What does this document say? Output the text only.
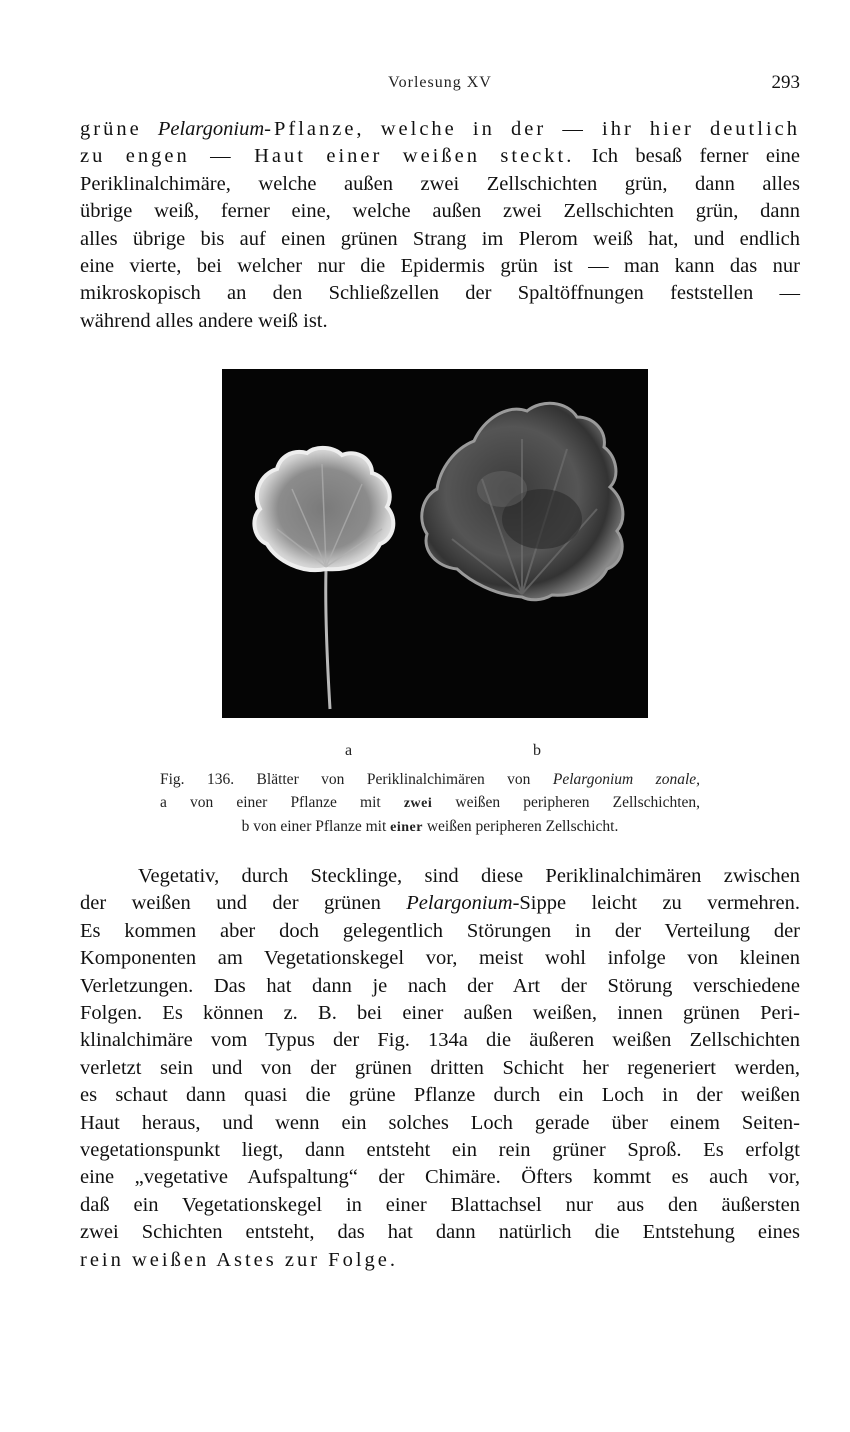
Vorlesung XV	293

grüne Pelargonium-Pflanze, welche in der — ihr hier deutlich
zu engen — Haut einer weißen steckt. Ich besaß ferner eine
Periklinalchimäre, welche außen zwei Zellschichten grün, dann alles
übrige weiß, ferner eine, welche außen zwei Zellschichten grün, dann
alles übrige bis auf einen grünen Strang im Plerom weiß hat, und endlich
eine vierte, bei welcher nur die Epidermis grün ist — man kann das nur
mikroskopisch an den Schließzellen der Spaltöffnungen feststellen —
während alles andere weiß ist.

a	b

Fig. 136. Blätter von Periklinalchimären von Pelargonium zonale,
a von einer Pflanze mit zwei weißen peripheren Zellschichten,
b von einer Pflanze mit einer weißen peripheren Zellschicht.

Vegetativ, durch Stecklinge, sind diese Periklinalchimären zwischen
der weißen und der grünen Pelargonium-Sippe leicht zu vermehren.
Es kommen aber doch gelegentlich Störungen in der Verteilung der
Komponenten am Vegetationskegel vor, meist wohl infolge von kleinen
Verletzungen. Das hat dann je nach der Art der Störung verschiedene
Folgen. Es können z. B. bei einer außen weißen, innen grünen Peri-
klinalchimäre vom Typus der Fig. 134a die äußeren weißen Zellschichten
verletzt sein und von der grünen dritten Schicht her regeneriert werden,
es schaut dann quasi die grüne Pflanze durch ein Loch in der weißen
Haut heraus, und wenn ein solches Loch gerade über einem Seiten-
vegetationspunkt liegt, dann entsteht ein rein grüner Sproß. Es erfolgt
eine „vegetative Aufspaltung“ der Chimäre. Öfters kommt es auch vor,
daß ein Vegetationskegel in einer Blattachsel nur aus den äußersten
zwei Schichten entsteht, das hat dann natürlich die Entstehung eines
rein weißen Astes zur Folge.
